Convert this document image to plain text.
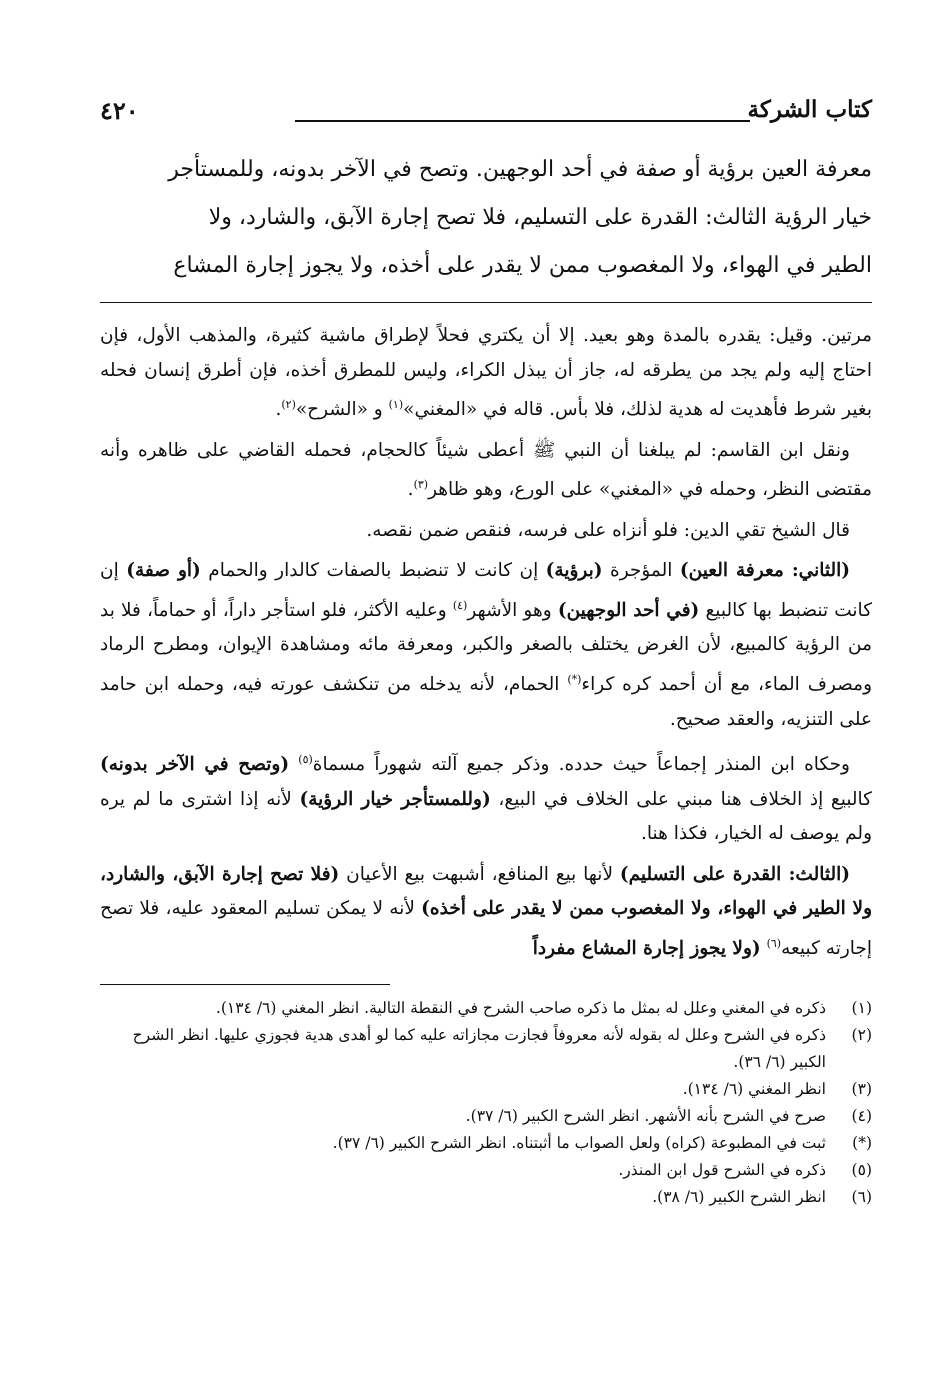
كتاب الشركة
٤٢٠
معرفة العين برؤية أو صفة في أحد الوجهين. وتصح في الآخر بدونه، وللمستأجر
خيار الرؤية الثالث: القدرة على التسليم، فلا تصح إجارة الآبق، والشارد، ولا
الطير في الهواء، ولا المغصوب ممن لا يقدر على أخذه، ولا يجوز إجارة المشاع

مرتين. وقيل: يقدره بالمدة وهو بعيد. إلا أن يكتري فحلاً لإطراق ماشية كثيرة، والمذهب الأول، فإن احتاج إليه ولم يجد من يطرقه له، جاز أن يبذل الكراء، وليس للمطرق أخذه، فإن أطرق إنسان فحله بغير شرط فأهديت له هدية لذلك، فلا بأس. قاله في «المغني»$^{(١)}$ و «الشرح»$^{(٢)}$.

ونقل ابن القاسم: لم يبلغنا أن النبي ﷺ أعطى شيئاً كالحجام، فحمله القاضي على ظاهره وأنه مقتضى النظر، وحمله في «المغني» على الورع، وهو ظاهر$^{(٣)}$.

قال الشيخ تقي الدين: فلو أنزاه على فرسه، فنقص ضمن نقصه.

(الثاني: معرفة العين) المؤجرة (برؤية) إن كانت لا تنضبط بالصفات كالدار والحمام (أو صفة) إن كانت تنضبط بها كالبيع (في أحد الوجهين) وهو الأشهر$^{(٤)}$ وعليه الأكثر، فلو استأجر داراً، أو حماماً، فلا بد من الرؤية كالمبيع، لأن الغرض يختلف بالصغر والكبر، ومعرفة مائه ومشاهدة الإيوان، ومطرح الرماد ومصرف الماء، مع أن أحمد كره كراء(*) الحمام، لأنه يدخله من تنكشف عورته فيه، وحمله ابن حامد على التنزيه، والعقد صحيح.

وحكاه ابن المنذر إجماعاً حيث حدده. وذكر جميع آلته شهوراً مسماة$^{(٥)}$ (وتصح في الآخر بدونه) كالبيع إذ الخلاف هنا مبني على الخلاف في البيع، (وللمستأجر خيار الرؤية) لأنه إذا اشترى ما لم يره ولم يوصف له الخيار، فكذا هنا.

(الثالث: القدرة على التسليم) لأنها بيع المنافع، أشبهت بيع الأعيان (فلا تصح إجارة الآبق، والشارد، ولا الطير في الهواء، ولا المغصوب ممن لا يقدر على أخذه) لأنه لا يمكن تسليم المعقود عليه، فلا تصح إجارته كبيعه$^{(٦)}$ (ولا يجوز إجارة المشاع مفرداً

(١)
ذكره في المغني وعلل له بمثل ما ذكره صاحب الشرح في النقطة التالية. انظر المغني (٦/ ١٣٤).
(٢)
ذكره في الشرح وعلل له بقوله لأنه معروفاً فجازت مجازاته عليه كما لو أهدى هدية فجوزي عليها. انظر الشرح الكبير (٦/ ٣٦).
(٣)
انظر المغني (٦/ ١٣٤).
(٤)
صرح في الشرح بأنه الأشهر. انظر الشرح الكبير (٦/ ٣٧).
(*)
ثبت في المطبوعة (كراه) ولعل الصواب ما أثبتناه. انظر الشرح الكبير (٦/ ٣٧).
(٥)
ذكره في الشرح قول ابن المنذر.
(٦)
انظر الشرح الكبير (٦/ ٣٨).
